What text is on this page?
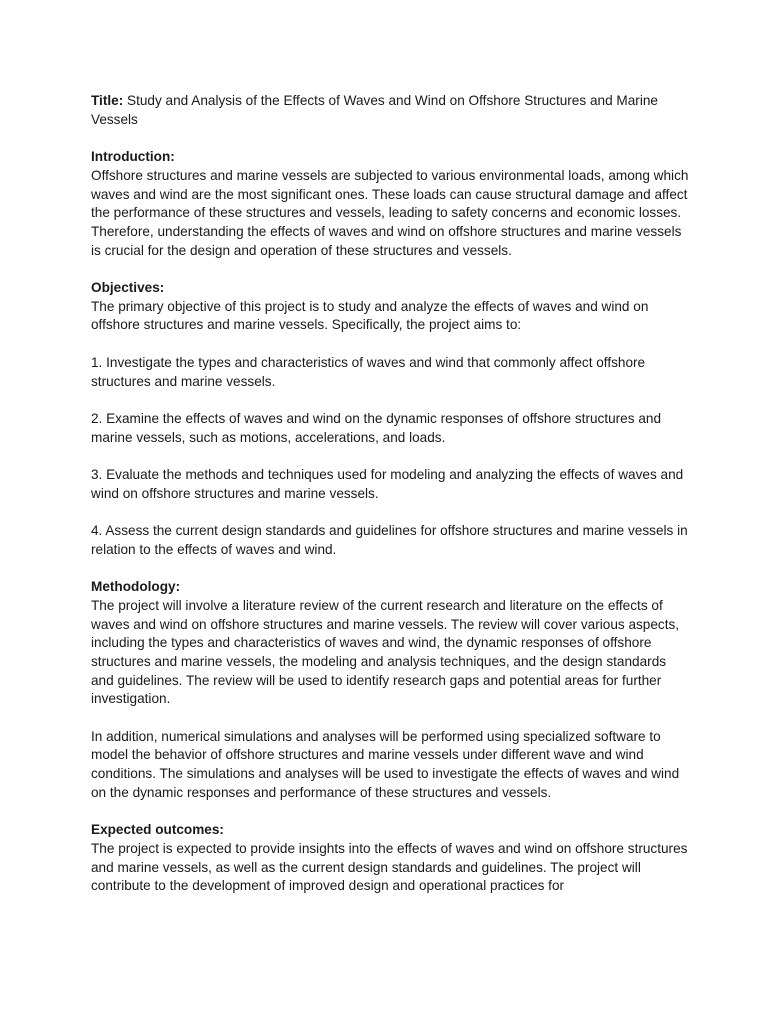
Title: Study and Analysis of the Effects of Waves and Wind on Offshore Structures and Marine Vessels

Introduction:

Offshore structures and marine vessels are subjected to various environmental loads, among which waves and wind are the most significant ones. These loads can cause structural damage and affect the performance of these structures and vessels, leading to safety concerns and economic losses. Therefore, understanding the effects of waves and wind on offshore structures and marine vessels is crucial for the design and operation of these structures and vessels.

Objectives:

The primary objective of this project is to study and analyze the effects of waves and wind on offshore structures and marine vessels. Specifically, the project aims to:

1. Investigate the types and characteristics of waves and wind that commonly affect offshore structures and marine vessels.

2. Examine the effects of waves and wind on the dynamic responses of offshore structures and marine vessels, such as motions, accelerations, and loads.

3. Evaluate the methods and techniques used for modeling and analyzing the effects of waves and wind on offshore structures and marine vessels.

4. Assess the current design standards and guidelines for offshore structures and marine vessels in relation to the effects of waves and wind.

Methodology:

The project will involve a literature review of the current research and literature on the effects of waves and wind on offshore structures and marine vessels. The review will cover various aspects, including the types and characteristics of waves and wind, the dynamic responses of offshore structures and marine vessels, the modeling and analysis techniques, and the design standards and guidelines. The review will be used to identify research gaps and potential areas for further investigation.

In addition, numerical simulations and analyses will be performed using specialized software to model the behavior of offshore structures and marine vessels under different wave and wind conditions. The simulations and analyses will be used to investigate the effects of waves and wind on the dynamic responses and performance of these structures and vessels.

Expected outcomes:

The project is expected to provide insights into the effects of waves and wind on offshore structures and marine vessels, as well as the current design standards and guidelines. The project will contribute to the development of improved design and operational practices for
